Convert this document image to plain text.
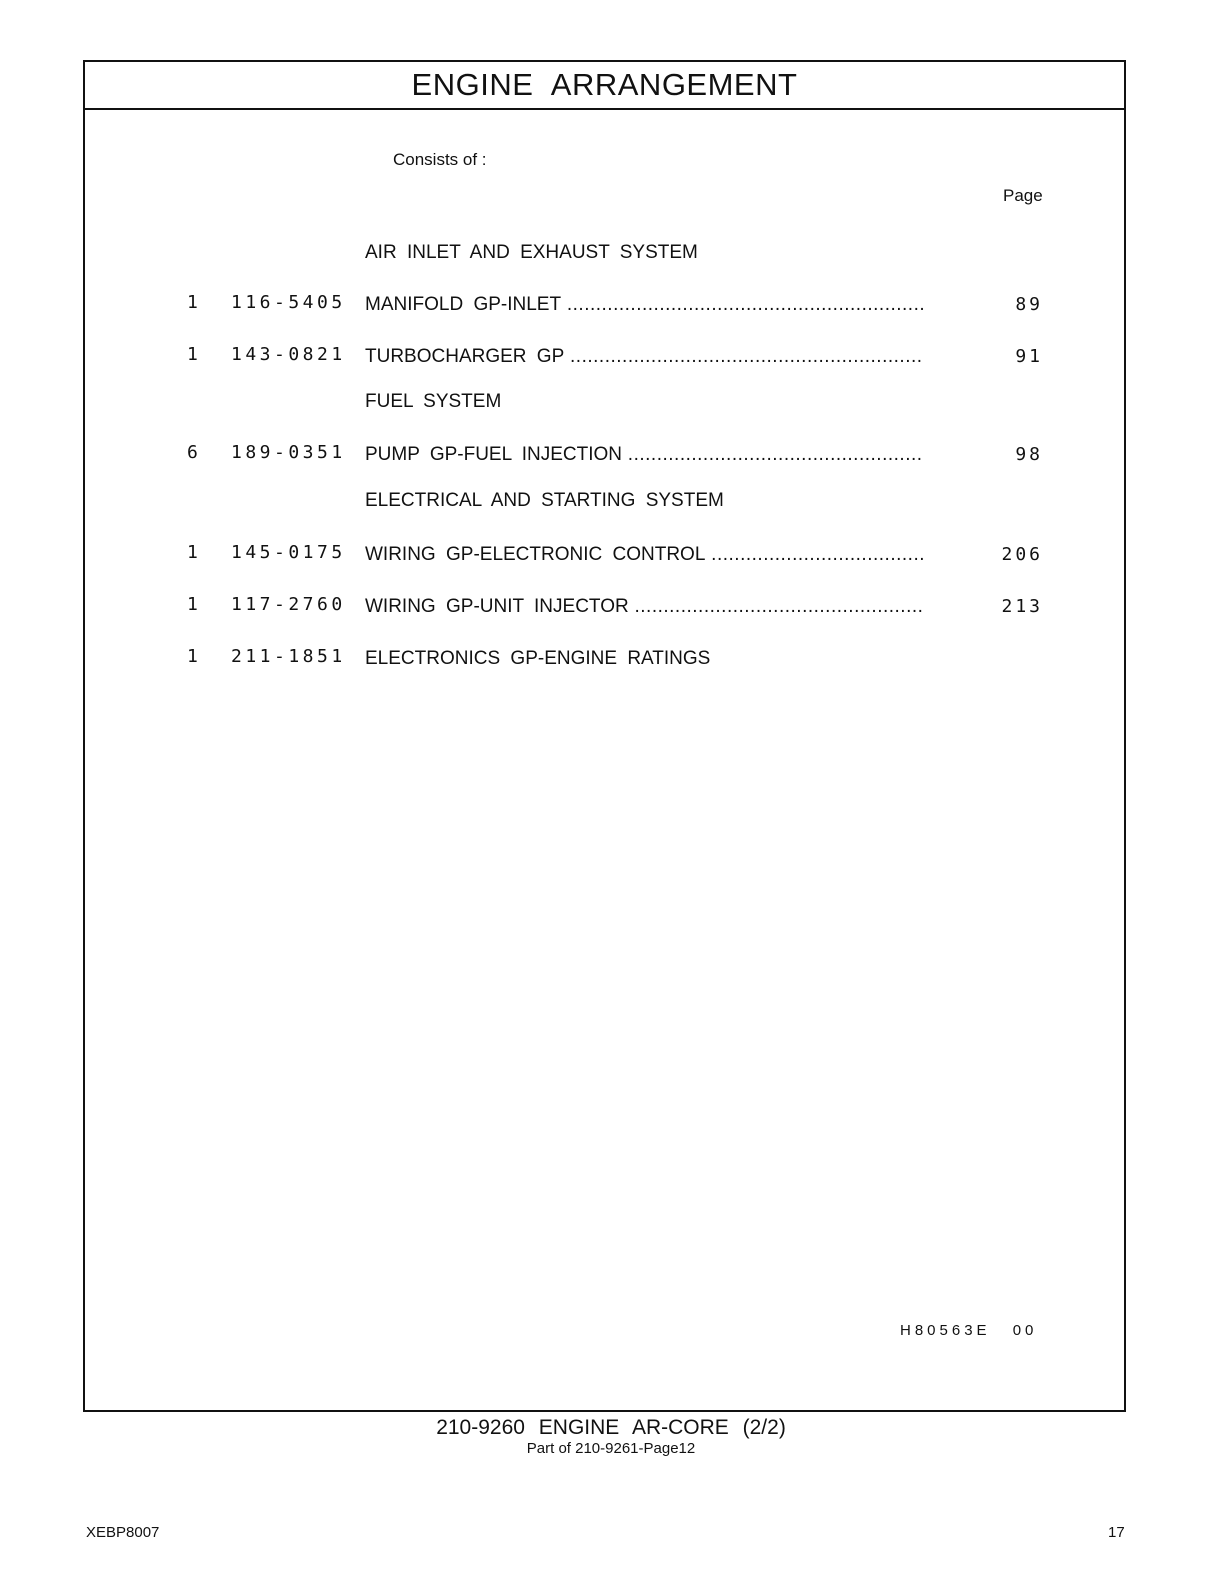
ENGINE ARRANGEMENT
Consists of :
Page
AIR INLET AND EXHAUST SYSTEM
1 116-5405 MANIFOLD GP-INLET .....	89
1 143-0821 TURBOCHARGER GP .....	91
FUEL SYSTEM
6 189-0351 PUMP GP-FUEL INJECTION .....	98
ELECTRICAL AND STARTING SYSTEM
1 145-0175 WIRING GP-ELECTRONIC CONTROL .....	206
1 117-2760 WIRING GP-UNIT INJECTOR .....	213
1 211-1851 ELECTRONICS GP-ENGINE RATINGS
H80563E 00
210-9260 ENGINE AR-CORE (2/2)
Part of 210-9261-Page12
XEBP8007	17
